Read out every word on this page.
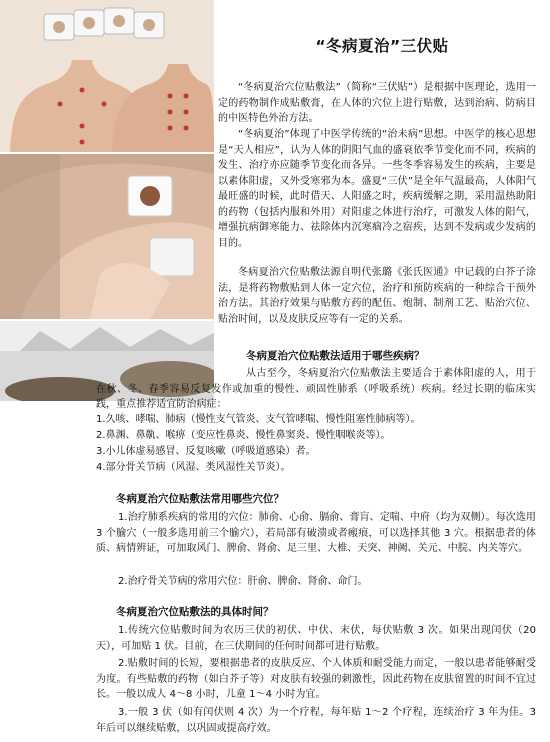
“冬病夏治”三伏贴

“冬病夏治穴位贴敷法”（简称“三伏贴”）是根据中医理论，选用一定的药物制作成贴敷膏，在人体的穴位上进行贴敷，达到治病、防病目的中医特色外治方法。

“冬病夏治”体现了中医学传统的“治未病”思想。中医学的核心思想是“天人相应”，认为人体的阴阳气血的盛衰依季节变化而不同，疾病的发生、治疗亦应随季节变化而各异。一些冬季容易发生的疾病，主要是以素体阳虚，又外受寒邪为本。盛夏“三伏”是全年气温最高，人体阳气最旺盛的时候，此时借天、人阳盛之时，疾病缓解之期，采用温热助阳的药物（包括内服和外用）对阳虚之体进行治疗，可激发人体的阳气，增强抗病御寒能力、祛除体内沉寒痼冷之宿疾，达到不发病或少发病的目的。

冬病夏治穴位贴敷法源自明代张璐《张氏医通》中记载的白芥子涂法，是将药物敷贴到人体一定穴位，治疗和预防疾病的一种综合干预外治方法。其治疗效果与贴敷方药的配伍、炮制、制剂工艺、贴治穴位、贴治时间，以及皮肤反应等有一定的关系。

冬病夏治穴位贴敷法适用于哪些疾病？

从古至今，冬病夏治穴位贴敷法主要适合于素体阳虚的人，用于在秋、冬、春季容易反复发作或加重的慢性、顽固性肺系（呼吸系统）疾病。经过长期的临床实践，重点推荐适宜防治病症：

1.久咳、哮喘、肺病（慢性支气管炎、支气管哮喘、慢性阻塞性肺病等）。

2.鼻渊、鼻鼽、喉痹（变应性鼻炎、慢性鼻窦炎、慢性咽喉炎等）。

3.小儿体虚易感冒、反复咳嗽（呼吸道感染）者。

4.部分骨关节病（风湿、类风湿性关节炎）。

冬病夏治穴位贴敷法常用哪些穴位？

1.治疗肺系疾病的常用的穴位：肺俞、心俞、膈俞、膏肓、定喘、中府（均为双侧）。每次选用 3 个腧穴（一般多选用前三个腧穴），若局部有破溃或者瘢痕，可以选择其他 3 穴。根据患者的体质、病情辨证，可加取风门、脾俞、肾俞、足三里、大椎、天突、神阙、关元、中脘、内关等穴。

2.治疗骨关节病的常用穴位：肝俞、脾俞、肾俞、命门。

冬病夏治穴位贴敷法的具体时间？

1.传统穴位贴敷时间为农历三伏的初伏、中伏、末伏，每伏贴敷 3 次。如果出现闰伏（20 天），可加贴 1 伏。目前，在三伏期间的任何时间都可进行贴敷。

2.贴敷时间的长短，要根据患者的皮肤反应、个人体质和耐受能力而定，一般以患者能够耐受为度。有些贴敷的药物（如白芥子等）对皮肤有较强的刺激性，因此药物在皮肤留置的时间不宜过长。一般以成人 4～8 小时，儿童 1～4 小时为宜。

3.一般 3 伏（如有闰伏则 4 次）为一个疗程，每年贴 1～2 个疗程，连续治疗 3 年为佳。3 年后可以继续贴敷，以巩固或提高疗效。
